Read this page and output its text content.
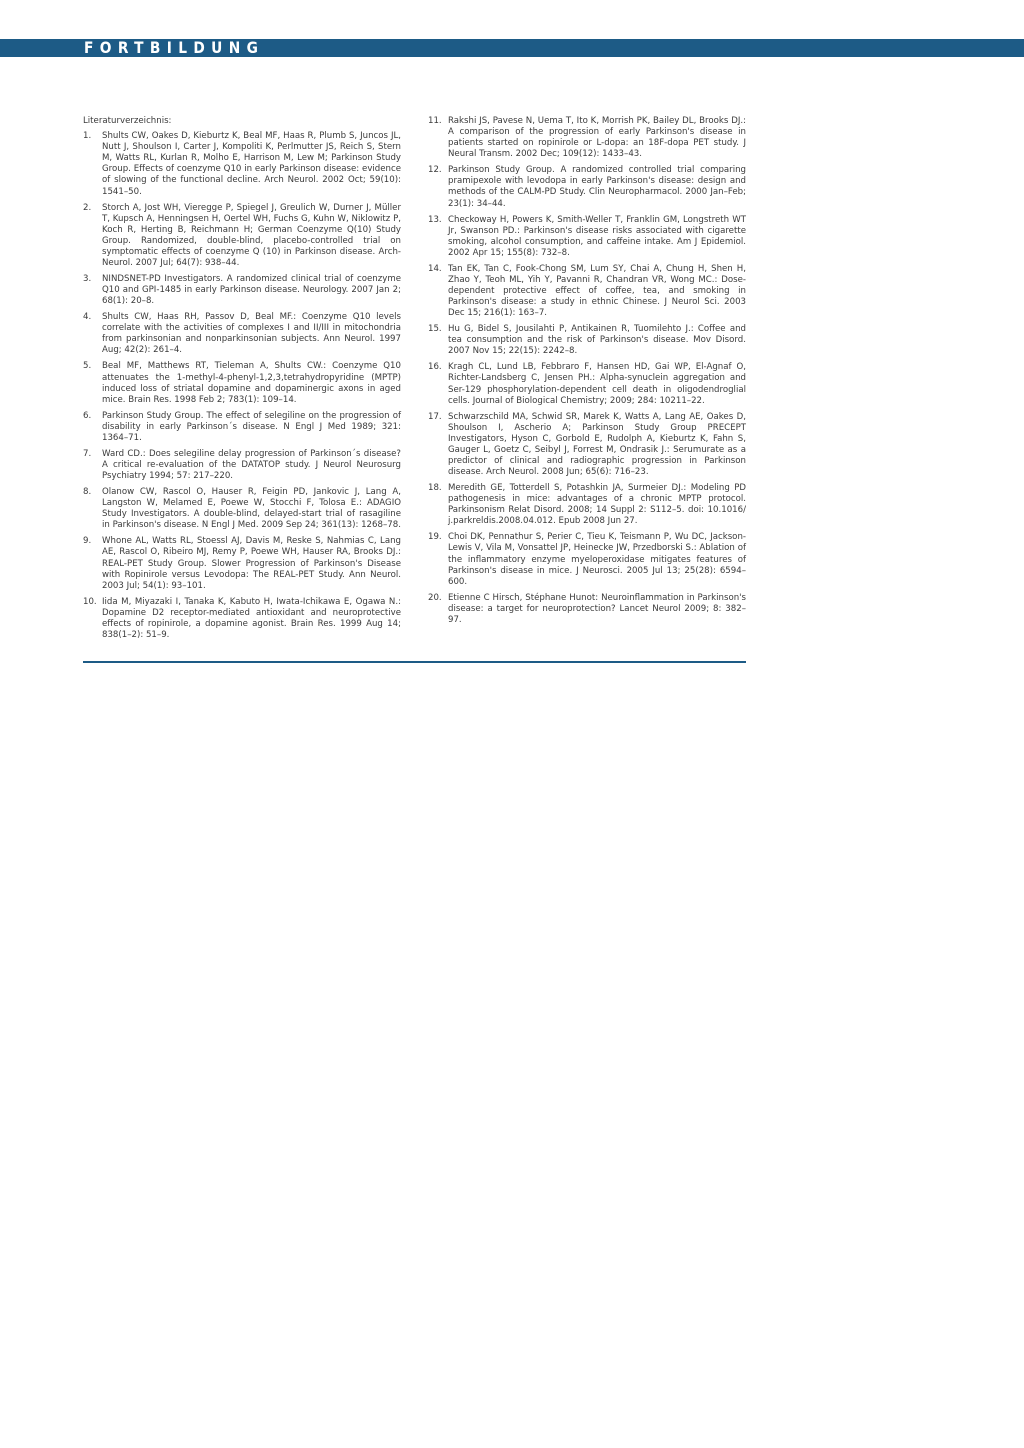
FORTBILDUNG
Literaturverzeichnis:
1. Shults CW, Oakes D, Kieburtz K, Beal MF, Haas R, Plumb S, Juncos JL, Nutt J, Shoulson I, Carter J, Kompoliti K, Perlmutter JS, Reich S, Stern M, Watts RL, Kurlan R, Molho E, Harrison M, Lew M; Parkinson Study Group. Effects of coenzyme Q10 in early Parkinson disease: evidence of slowing of the functional decline. Arch Neurol. 2002 Oct; 59(10): 1541–50.
2. Storch A, Jost WH, Vieregge P, Spiegel J, Greulich W, Durner J, Müller T, Kupsch A, Henningsen H, Oertel WH, Fuchs G, Kuhn W, Niklowitz P, Koch R, Herting B, Reichmann H; German Coenzyme Q(10) Study Group. Randomized, double-blind, placebo-controlled trial on symptomatic effects of coenzyme Q (10) in Parkinson disease. Arch-Neurol. 2007 Jul; 64(7): 938–44.
3. NINDSNET-PD Investigators. A randomized clinical trial of coenzyme Q10 and GPI-1485 in early Parkinson disease. Neurology. 2007 Jan 2; 68(1): 20–8.
4. Shults CW, Haas RH, Passov D, Beal MF.: Coenzyme Q10 levels correlate with the activities of complexes I and II/III in mitochondria from parkinsonian and nonparkinsonian subjects. Ann Neurol. 1997 Aug; 42(2): 261–4.
5. Beal MF, Matthews RT, Tieleman A, Shults CW.: Coenzyme Q10 attenuates the 1-methyl-4-phenyl-1,2,3,tetrahydropyridine (MPTP) induced loss of striatal dopamine and dopaminergic axons in aged mice. Brain Res. 1998 Feb 2; 783(1): 109–14.
6. Parkinson Study Group. The effect of selegiline on the progression of disability in early Parkinson´s disease. N Engl J Med 1989; 321: 1364–71.
7. Ward CD.: Does selegiline delay progression of Parkinson´s disease? A critical re-evaluation of the DATATOP study. J Neurol Neurosurg Psychiatry 1994; 57: 217–220.
8. Olanow CW, Rascol O, Hauser R, Feigin PD, Jankovic J, Lang A, Langston W, Melamed E, Poewe W, Stocchi F, Tolosa E.: ADAGIO Study Investigators. A double-blind, delayed-start trial of rasagiline in Parkinson's disease. N Engl J Med. 2009 Sep 24; 361(13): 1268–78.
9. Whone AL, Watts RL, Stoessl AJ, Davis M, Reske S, Nahmias C, Lang AE, Rascol O, Ribeiro MJ, Remy P, Poewe WH, Hauser RA, Brooks DJ.: REAL-PET Study Group. Slower Progression of Parkinson's Disease with Ropinirole versus Levodopa: The REAL-PET Study. Ann Neurol. 2003 Jul; 54(1): 93–101.
10. Iida M, Miyazaki I, Tanaka K, Kabuto H, Iwata-Ichikawa E, Ogawa N.: Dopamine D2 receptor-mediated antioxidant and neuroprotective effects of ropinirole, a dopamine agonist. Brain Res. 1999 Aug 14; 838(1–2): 51–9.
11. Rakshi JS, Pavese N, Uema T, Ito K, Morrish PK, Bailey DL, Brooks DJ.: A comparison of the progression of early Parkinson's disease in patients started on ropinirole or L-dopa: an 18F-dopa PET study. J Neural Transm. 2002 Dec; 109(12): 1433–43.
12. Parkinson Study Group. A randomized controlled trial comparing pramipexole with levodopa in early Parkinson's disease: design and methods of the CALM-PD Study. Clin Neuropharmacol. 2000 Jan–Feb; 23(1): 34–44.
13. Checkoway H, Powers K, Smith-Weller T, Franklin GM, Longstreth WT Jr, Swanson PD.: Parkinson's disease risks associated with cigarette smoking, alcohol consumption, and caffeine intake. Am J Epidemiol. 2002 Apr 15; 155(8): 732–8.
14. Tan EK, Tan C, Fook-Chong SM, Lum SY, Chai A, Chung H, Shen H, Zhao Y, Teoh ML, Yih Y, Pavanni R, Chandran VR, Wong MC.: Dose-dependent protective effect of coffee, tea, and smoking in Parkinson's disease: a study in ethnic Chinese. J Neurol Sci. 2003 Dec 15; 216(1): 163–7.
15. Hu G, Bidel S, Jousilahti P, Antikainen R, Tuomilehto J.: Coffee and tea consumption and the risk of Parkinson's disease. Mov Disord. 2007 Nov 15; 22(15): 2242–8.
16. Kragh CL, Lund LB, Febbraro F, Hansen HD, Gai WP, El-Agnaf O, Richter-Landsberg C, Jensen PH.: Alpha-synuclein aggregation and Ser-129 phosphorylation-dependent cell death in oligodendroglial cells. Journal of Biological Chemistry; 2009; 284: 10211–22.
17. Schwarzschild MA, Schwid SR, Marek K, Watts A, Lang AE, Oakes D, Shoulson I, Ascherio A; Parkinson Study Group PRECEPT Investigators, Hyson C, Gorbold E, Rudolph A, Kieburtz K, Fahn S, Gauger L, Goetz C, Seibyl J, Forrest M, Ondrasik J.: Serumurate as a predictor of clinical and radiographic progression in Parkinson disease. Arch Neurol. 2008 Jun; 65(6): 716–23.
18. Meredith GE, Totterdell S, Potashkin JA, Surmeier DJ.: Modeling PD pathogenesis in mice: advantages of a chronic MPTP protocol. Parkinsonism Relat Disord. 2008; 14 Suppl 2: S112–5. doi: 10.1016/ j.parkreldis.2008.04.012. Epub 2008 Jun 27.
19. Choi DK, Pennathur S, Perier C, Tieu K, Teismann P, Wu DC, Jackson-Lewis V, Vila M, Vonsattel JP, Heinecke JW, Przedborski S.: Ablation of the inflammatory enzyme myeloperoxidase mitigates features of Parkinson's disease in mice. J Neurosci. 2005 Jul 13; 25(28): 6594–600.
20. Etienne C Hirsch, Stéphane Hunot: Neuroinflammation in Parkinson's disease: a target for neuroprotection? Lancet Neurol 2009; 8: 382–97.
